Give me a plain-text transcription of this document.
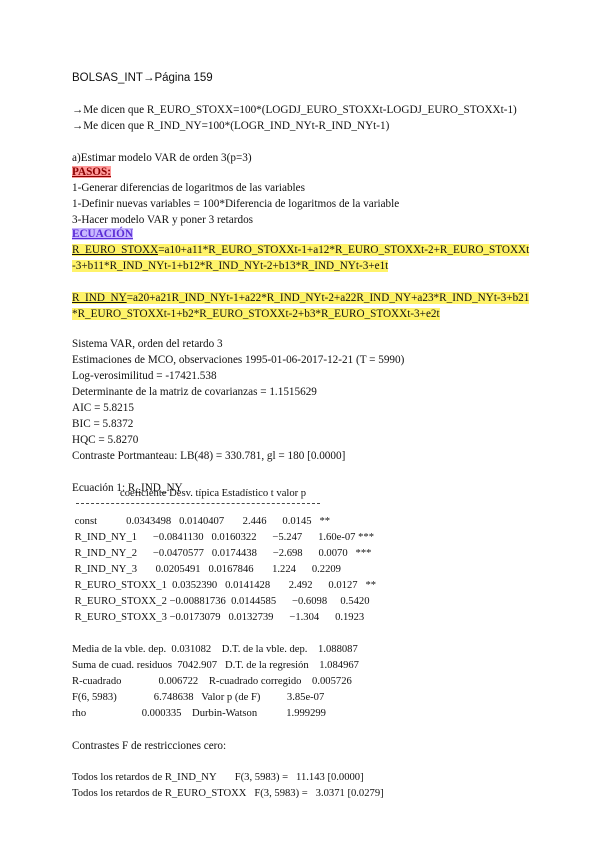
BOLSAS_INT→Página 159
→Me dicen que R_EURO_STOXX=100*(LOGDJ_EURO_STOXXt-LOGDJ_EURO_STOXXt-1)
→Me dicen que R_IND_NY=100*(LOGR_IND_NYt-R_IND_NYt-1)
a)Estimar modelo VAR de orden 3(p=3)
PASOS:
1-Generar diferencias de logaritmos de las variables
1-Definir nuevas variables = 100*Diferencia de logaritmos de la variable
3-Hacer modelo VAR y poner 3 retardos
ECUACIÓN
R_EURO_STOXX=a10+a11*R_EURO_STOXXt-1+a12*R_EURO_STOXXt-2+R_EURO_STOXXt
-3+b11*R_IND_NYt-1+b12*R_IND_NYt-2+b13*R_IND_NYt-3+e1t
R_IND_NY=a20+a21R_IND_NYt-1+a22*R_IND_NYt-2+a22R_IND_NY+a23*R_IND_NYt-3+b21
*R_EURO_STOXXt-1+b2*R_EURO_STOXXt-2+b3*R_EURO_STOXXt-3+e2t
Sistema VAR, orden del retardo 3
Estimaciones de MCO, observaciones 1995-01-06-2017-12-21 (T = 5990)
Log-verosimilitud = -17421.538
Determinante de la matriz de covarianzas = 1.1515629
AIC = 5.8215
BIC = 5.8372
HQC = 5.8270
Contraste Portmanteau: LB(48) = 330.781, gl = 180 [0.0000]
Ecuación 1: R_IND_NY
coeficiente Desv. típica Estadístico t valor p
const           0.0343498   0.0140407       2.446      0.0145   **
R_IND_NY_1      −0.0841130   0.0160322      −5.247      1.60e-07 ***
R_IND_NY_2      −0.0470577   0.0174438      −2.698      0.0070   ***
R_IND_NY_3       0.0205491   0.0167846       1.224      0.2209
R_EURO_STOXX_1  0.0352390   0.0141428       2.492      0.0127   **
R_EURO_STOXX_2 −0.00881736  0.0144585      −0.6098     0.5420
R_EURO_STOXX_3 −0.0173079   0.0132739      −1.304      0.1923
Media de la vble. dep.  0.031082    D.T. de la vble. dep.    1.088087
Suma de cuad. residuos  7042.907   D.T. de la regresión    1.084967
R-cuadrado              0.006722    R-cuadrado corregido    0.005726
F(6, 5983)              6.748638   Valor p (de F)          3.85e-07
rho                     0.000335    Durbin-Watson           1.999299
Contrastes F de restricciones cero:
Todos los retardos de R_IND_NY       F(3, 5983) =   11.143 [0.0000]
Todos los retardos de R_EURO_STOXX   F(3, 5983) =   3.0371 [0.0279]
